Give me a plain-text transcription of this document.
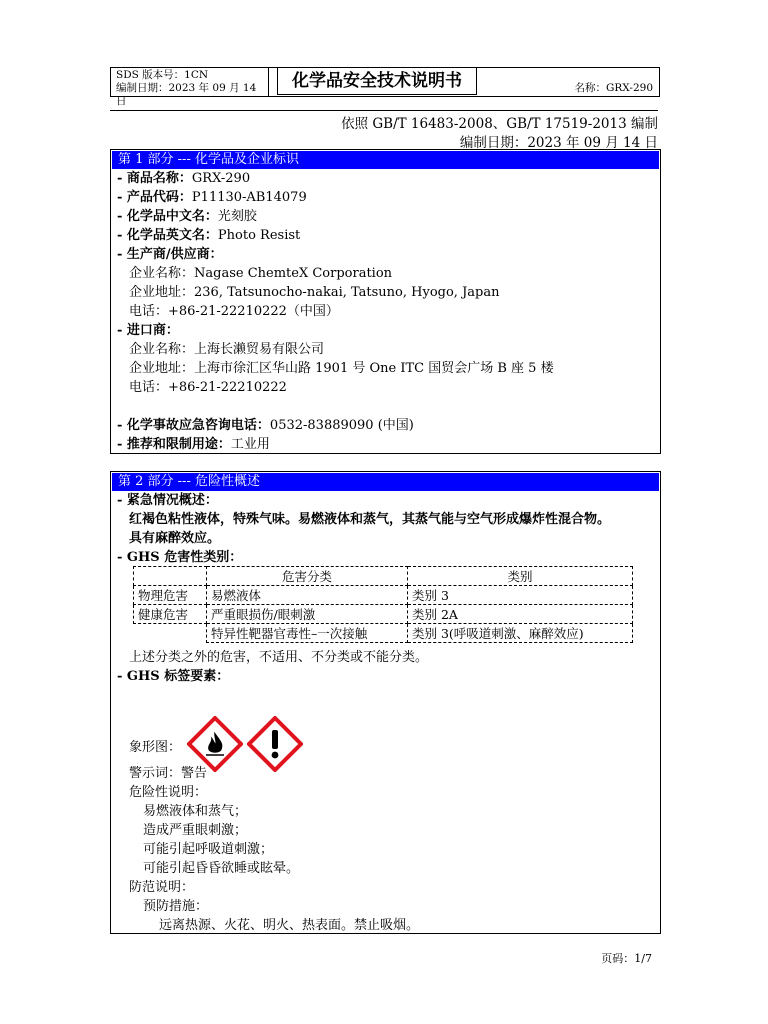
SDS 版本号：1CN
编制日期：2023 年 09 月 14 日
化学品安全技术说明书	名称：GRX-290
依照 GB/T 16483-2008、GB/T 17519-2013 编制
编制日期：2023 年 09 月 14 日
第 1 部分 --- 化学品及企业标识
- 商品名称：GRX-290
- 产品代码：P11130-AB14079
- 化学品中文名：光刻胶
- 化学品英文名：Photo Resist
- 生产商/供应商：
企业名称：Nagase ChemteX Corporation
企业地址：236, Tatsunocho-nakai, Tatsuno, Hyogo, Japan
电话：+86-21-22210222（中国）
- 进口商：
企业名称：上海长濑贸易有限公司
企业地址：上海市徐汇区华山路 1901 号 One ITC 国贸会广场 B 座 5 楼
电话：+86-21-22210222
- 化学事故应急咨询电话：0532-83889090 (中国)
- 推荐和限制用途：工业用
第 2 部分 --- 危险性概述
- 紧急情况概述：
红褐色粘性液体，特殊气味。易燃液体和蒸气，其蒸气能与空气形成爆炸性混合物。
具有麻醉效应。
- GHS 危害性类别：
	危害分类	类别
物理危害	易燃液体	类别 3
健康危害	严重眼损伤/眼刺激	类别 2A
	特异性靶器官毒性–一次接触	类别 3(呼吸道刺激、麻醉效应)
上述分类之外的危害，不适用、不分类或不能分类。
- GHS 标签要素：
象形图：
警示词：警告
危险性说明：
易燃液体和蒸气；
造成严重眼刺激；
可能引起呼吸道刺激；
可能引起昏昏欲睡或眩晕。
防范说明：
预防措施：
远离热源、火花、明火、热表面。禁止吸烟。
页码：1/7
